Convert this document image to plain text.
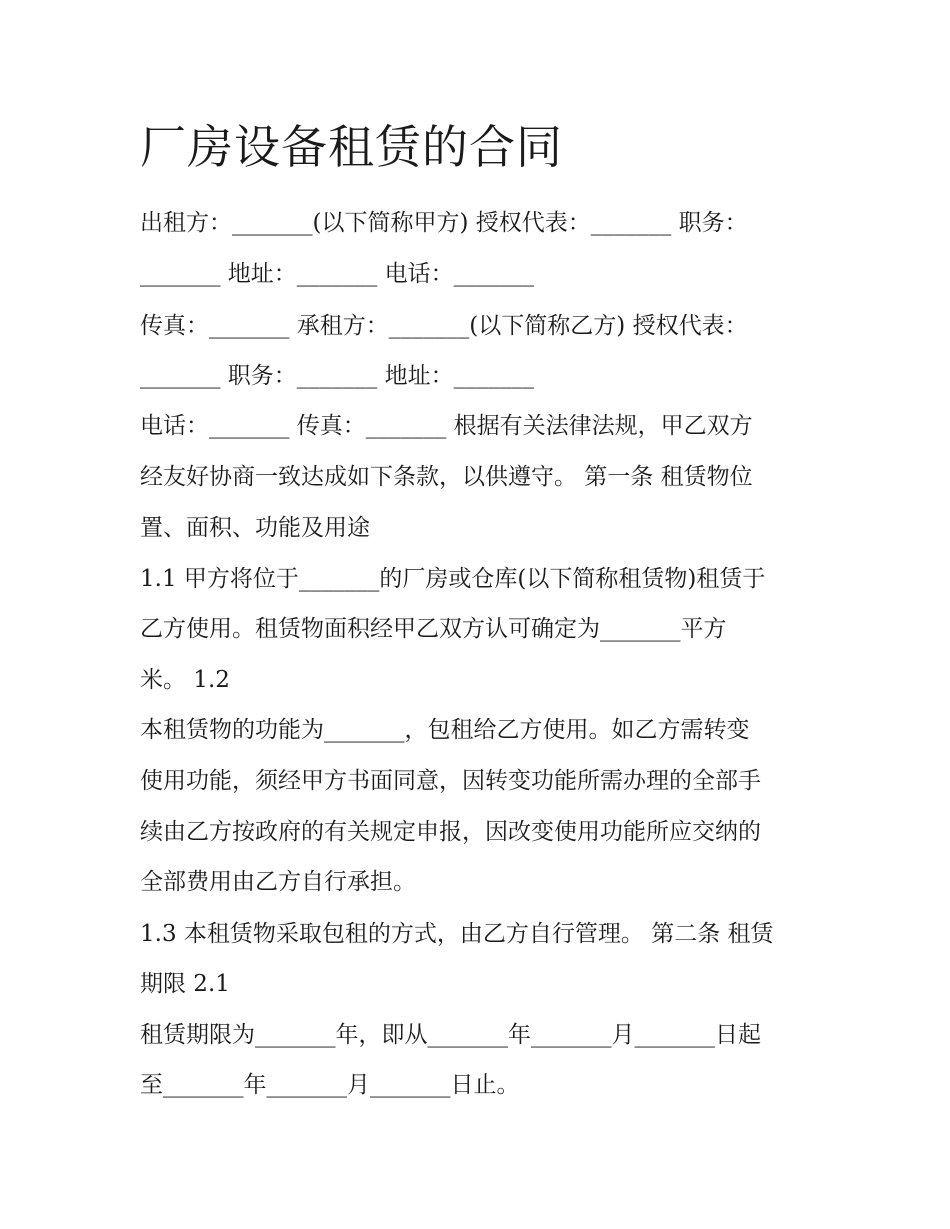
厂房设备租赁的合同

出租方：_______(以下简称甲方) 授权代表：_______ 职务：

_______ 地址：_______ 电话：_______

传真：_______ 承租方：_______(以下简称乙方) 授权代表：

_______ 职务：_______ 地址：_______

电话：_______ 传真：_______ 根据有关法律法规，甲乙双方

经友好协商一致达成如下条款，以供遵守。 第一条 租赁物位

置、面积、功能及用途

1.1 甲方将位于_______的厂房或仓库(以下简称租赁物)租赁于

乙方使用。租赁物面积经甲乙双方认可确定为_______平方

米。 1.2

本租赁物的功能为_______，包租给乙方使用。如乙方需转变

使用功能，须经甲方书面同意，因转变功能所需办理的全部手

续由乙方按政府的有关规定申报，因改变使用功能所应交纳的

全部费用由乙方自行承担。

1.3 本租赁物采取包租的方式，由乙方自行管理。 第二条 租赁

期限 2.1

租赁期限为_______年，即从_______年_______月_______日起

至_______年_______月_______日止。
